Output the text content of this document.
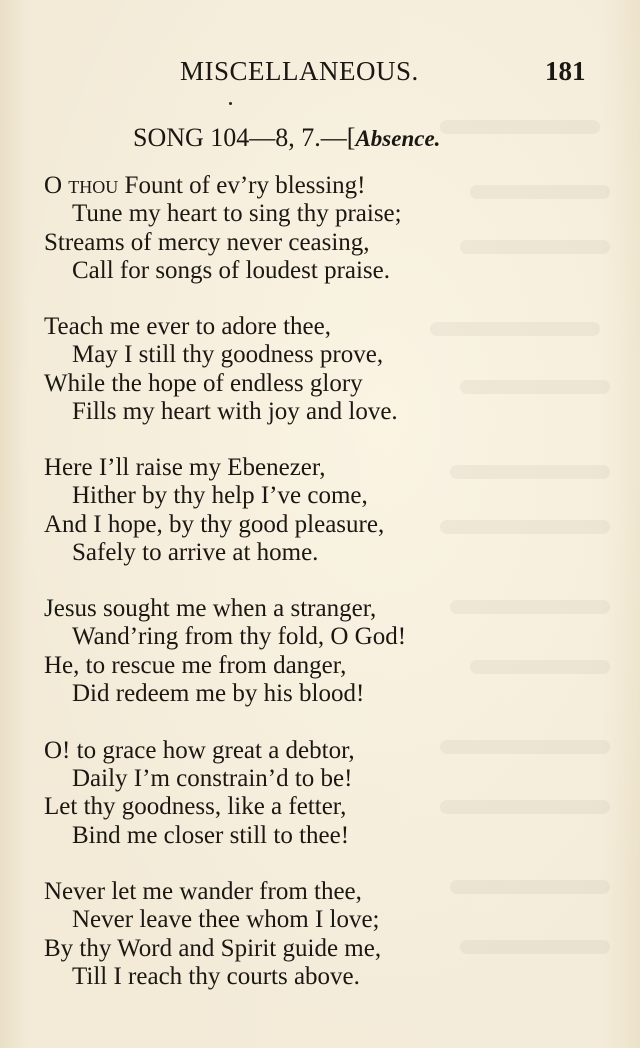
MISCELLANEOUS.	181
SONG 104—8, 7.—[Absence.
O thou Fount of ev’ry blessing!
Tune my heart to sing thy praise;
Streams of mercy never ceasing,
Call for songs of loudest praise.
Teach me ever to adore thee,
May I still thy goodness prove,
While the hope of endless glory
Fills my heart with joy and love.
Here I’ll raise my Ebenezer,
Hither by thy help I’ve come,
And I hope, by thy good pleasure,
Safely to arrive at home.
Jesus sought me when a stranger,
Wand’ring from thy fold, O God!
He, to rescue me from danger,
Did redeem me by his blood!
O! to grace how great a debtor,
Daily I’m constrain’d to be!
Let thy goodness, like a fetter,
Bind me closer still to thee!
Never let me wander from thee,
Never leave thee whom I love;
By thy Word and Spirit guide me,
Till I reach thy courts above.
